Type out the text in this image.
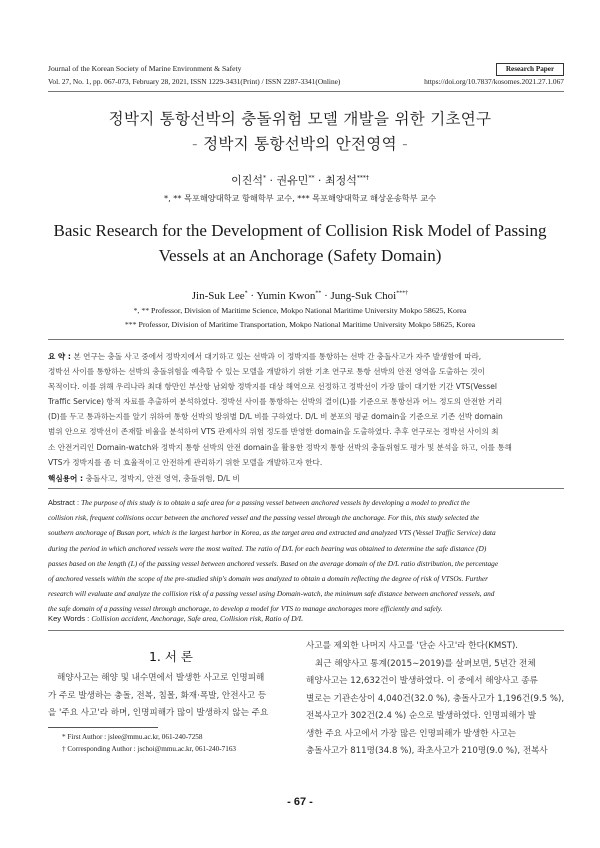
Journal of the Korean Society of Marine Environment & Safety	Research Paper
Vol. 27, No. 1, pp. 067-073, February 28, 2021, ISSN 1229-3431(Print) / ISSN 2287-3341(Online)	https://doi.org/10.7837/kosomes.2021.27.1.067
정박지 통항선박의 충돌위험 모델 개발을 위한 기초연구
- 정박지 통항선박의 안전영역 -
이진석* · 권유민** · 최정석***†
*, ** 목포해양대학교 항해학부 교수, *** 목포해양대학교 해상운송학부 교수
Basic Research for the Development of Collision Risk Model of Passing
Vessels at an Anchorage (Safety Domain)
Jin-Suk Lee* · Yumin Kwon** · Jung-Suk Choi***†
*, ** Professor, Division of Maritime Science, Mokpo National Maritime University Mokpo 58625, Korea
*** Professor, Division of Maritime Transportation, Mokpo National Maritime University Mokpo 58625, Korea
요 약 : 본 연구는 충돌 사고 중에서 정박지에서 대기하고 있는 선박과 이 정박지를 통항하는 선박 간 충돌사고가 자주 발생함에 따라,
정박선 사이를 통항하는 선박의 충돌위험을 예측할 수 있는 모델을 개발하기 위한 기초 연구로 통항 선박의 안전 영역을 도출하는 것이
목적이다. 이를 위해 우리나라 최대 항만인 부산항 남외항 정박지를 대상 해역으로 선정하고 정박선이 가장 많이 대기한 기간 VTS(Vessel
Traffic Service) 항적 자료를 추출하여 분석하였다. 정박선 사이를 통항하는 선박의 결이(L)를 기준으로 통항선과 어느 정도의 안전한 거리
(D)를 두고 통과하는지를 알기 위하여 통항 선박의 방위별 D/L 비를 구하였다. D/L 비 분포의 평균 domain을 기준으로 기존 선박 domain
범위 안으로 정박선이 존재할 비율을 분석하여 VTS 관제사의 위험 정도를 반영한 domain을 도출하였다. 추후 연구로는 정박선 사이의 최
소 안전거리인 Domain-watch와 정박지 통항 선박의 안전 domain을 활용한 정박지 통항 선박의 충돌위험도 평가 및 분석을 하고, 이를 통해
VTS가 정박지를 좀 더 효율적이고 안전하게 관리하기 위한 모델을 개발하고자 한다.
핵심용어 : 충돌사고, 정박지, 안전 영역, 충돌위험, D/L 비
Abstract : The purpose of this study is to obtain a safe area for a passing vessel between anchored vessels by developing a model to predict the
collision risk, frequent collisions occur between the anchored vessel and the passing vessel through the anchorage. For this, this study selected the
southern anchorage of Busan port, which is the largest harbor in Korea, as the target area and extracted and analyzed VTS (Vessel Traffic Service) data
during the period in which anchored vessels were the most waited. The ratio of D/L for each bearing was obtained to determine the safe distance (D)
passes based on the length (L) of the passing vessel between anchored vessels. Based on the average domain of the D/L ratio distribution, the percentage
of anchored vessels within the scope of the pre-studied ship's domain was analyzed to obtain a domain reflecting the degree of risk of VTSOs. Further
research will evaluate and analyze the collision risk of a passing vessel using Domain-watch, the minimum safe distance between anchored vessels, and
the safe domain of a passing vessel through anchorage, to develop a model for VTS to manage anchorages more efficiently and safely.
Key Words : Collision accident, Anchorage, Safe area, Collision risk, Ratio of D/L
1. 서 론
해양사고는 해양 및 내수면에서 발생한 사고로 인명피해
가 주로 발생하는 충돌, 전복, 침몰, 화재·폭발, 안전사고 등
을 '주요 사고'라 하며, 인명피해가 많이 발생하지 않는 주요
사고를 제외한 나머지 사고를 '단순 사고'라 한다(KMST).
최근 해양사고 통계(2015∼2019)를 살펴보면, 5년간 전체
해양사고는 12,632건이 발생하였다. 이 중에서 해양사고 종류
별로는 기관손상이 4,040건(32.0 %), 충돌사고가 1,196건(9.5 %),
전복사고가 302건(2.4 %) 순으로 발생하였다. 인명피해가 발
생한 주요 사고에서 가장 많은 인명피해가 발생한 사고는
충돌사고가 811명(34.8 %), 좌초사고가 210명(9.0 %), 전복사
* First Author : jslee@mmu.ac.kr, 061-240-7258
† Corresponding Author : jschoi@mmu.ac.kr, 061-240-7163
- 67 -
